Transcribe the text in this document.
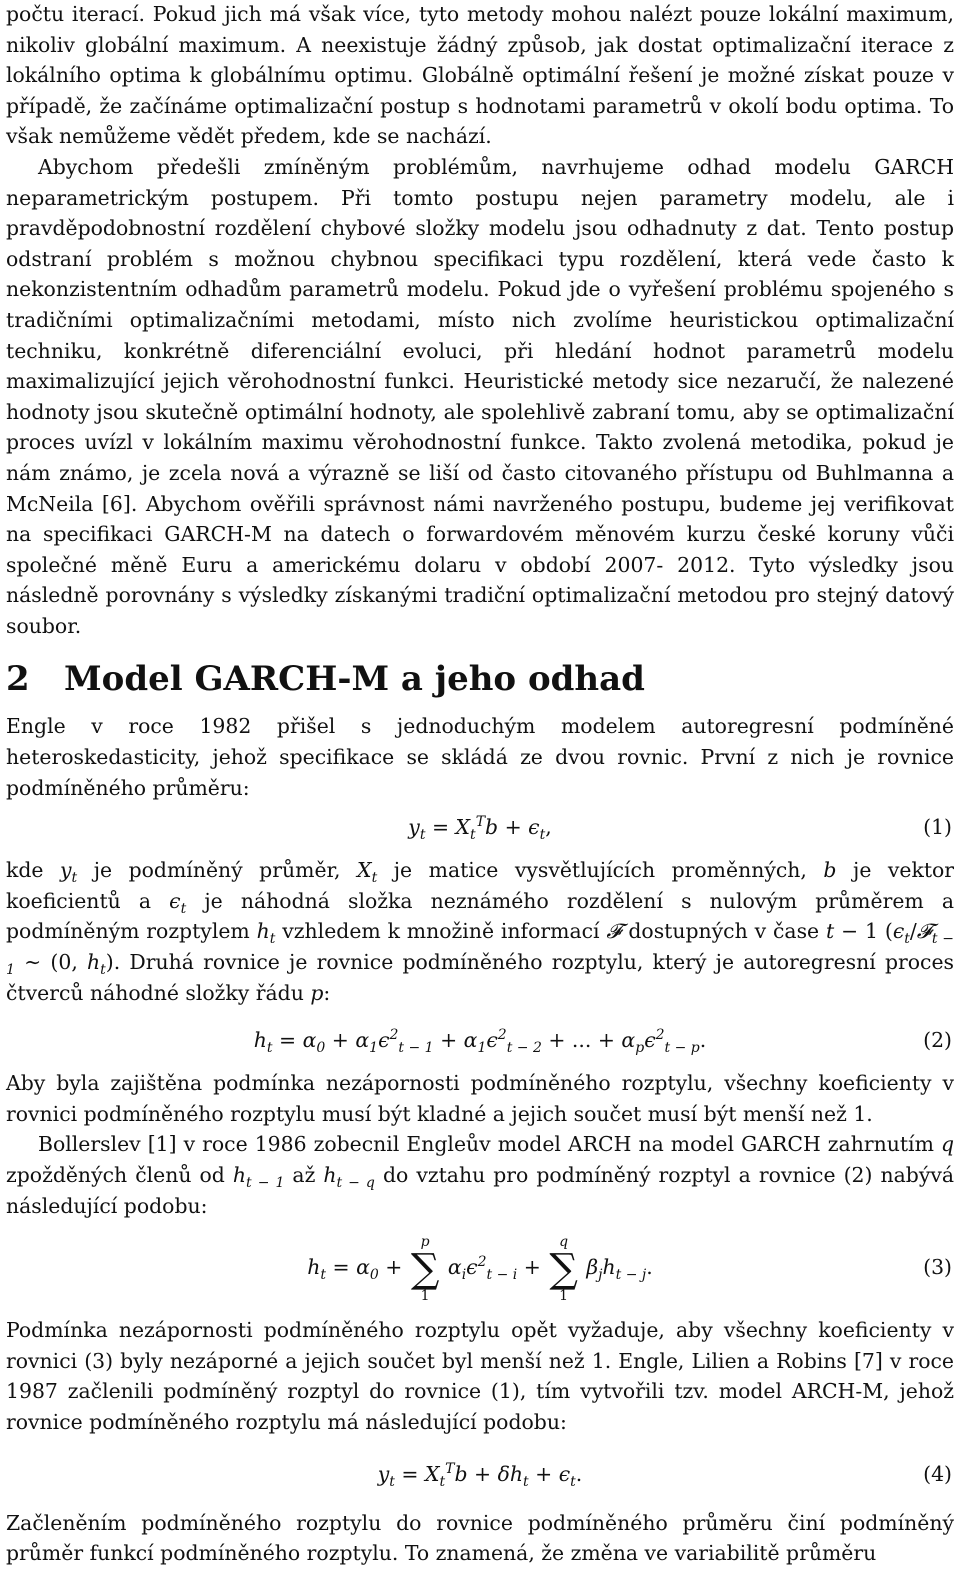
počtu iterací. Pokud jich má však více, tyto metody mohou nalézt pouze lokální maximum, nikoliv globální maximum. A neexistuje žádný způsob, jak dostat optimalizační iterace z lokálního optima k globálnímu optimu. Globálně optimální řešení je možné získat pouze v případě, že začínáme optimalizační postup s hodnotami parametrů v okolí bodu optima. To však nemůžeme vědět předem, kde se nachází.

Abychom předešli zmíněným problémům, navrhujeme odhad modelu GARCH neparametrickým postupem. Při tomto postupu nejen parametry modelu, ale i pravděpodobnostní rozdělení chybové složky modelu jsou odhadnuty z dat. Tento postup odstraní problém s možnou chybnou specifikaci typu rozdělení, která vede často k nekonzistentním odhadům parametrů modelu. Pokud jde o vyřešení problému spojeného s tradičními optimalizačními metodami, místo nich zvolíme heuristickou optimalizační techniku, konkrétně diferenciální evoluci, při hledání hodnot parametrů modelu maximalizující jejich věrohodnostní funkci. Heuristické metody sice nezaručí, že nalezené hodnoty jsou skutečně optimální hodnoty, ale spolehlivě zabraní tomu, aby se optimalizační proces uvízl v lokálním maximu věrohodnostní funkce. Takto zvolená metodika, pokud je nám známo, je zcela nová a výrazně se liší od často citovaného přístupu od Buhlmanna a McNeila [6]. Abychom ověřili správnost námi navrženého postupu, budeme jej verifikovat na specifikaci GARCH-M na datech o forwardovém měnovém kurzu české koruny vůči společné měně Euru a americkému dolaru v období 2007- 2012. Tyto výsledky jsou následně porovnány s výsledky získanými tradiční optimalizační metodou pro stejný datový soubor.

2 Model GARCH-M a jeho odhad

Engle v roce 1982 přišel s jednoduchým modelem autoregresní podmíněné heteroskedasticity, jehož specifikace se skládá ze dvou rovnic. První z nich je rovnice podmíněného průměru:

$y_t = X_t^Tb + \epsilon_t$,	(1)

kde $y_t$ je podmíněný průměr, $X_t$ je matice vysvětlujících proměnných, b je vektor koeficientů a $\epsilon_t$ je náhodná složka neznámého rozdělení s nulovým průměrem a podmíněným rozptylem $h_t$ vzhledem k množině informací 𝓕 dostupných v čase t − 1 ($\epsilon_t/𝓕_{t - 1}$ ∼ (0, $h_t$). Druhá rovnice je rovnice podmíněného rozptylu, který je autoregresní proces čtverců náhodné složky řádu p:

$h_t = \alpha_0 + \alpha_1\epsilon^2_{t - 1} + \alpha_1\epsilon^2_{t - 2}$ + ... + $\alpha_p\epsilon^2_{t - p}$.	(2)

Aby byla zajištěna podmínka nezápornosti podmíněného rozptylu, všechny koeficienty v rovnici podmíněného rozptylu musí být kladné a jejich součet musí být menší než 1.

Bollerslev [1] v roce 1986 zobecnil Engleův model ARCH na model GARCH zahrnutím q zpožděných členů od $h_{t - 1}$ až $h_{t - q}$ do vztahu pro podmíněný rozptyl a rovnice (2) nabývá následující podobu:

$h_t = \alpha_0$ +
p
∑
1
$\alpha_i\epsilon^2_{t - i}$ +
q
∑
1
$\beta_jh_{t - j}$.	(3)

Podmínka nezápornosti podmíněného rozptylu opět vyžaduje, aby všechny koeficienty v rovnici (3) byly nezáporné a jejich součet byl menší než 1. Engle, Lilien a Robins [7] v roce 1987 začlenili podmíněný rozptyl do rovnice (1), tím vytvořili tzv. model ARCH-M, jehož rovnice podmíněného rozptylu má následující podobu:

$y_t = X_t^Tb + \delta h_t + \epsilon_t$.	(4)

Začleněním podmíněného rozptylu do rovnice podmíněného průměru činí podmíněný průměr funkcí podmíněného rozptylu. To znamená, že změna ve variabilitě průměru
